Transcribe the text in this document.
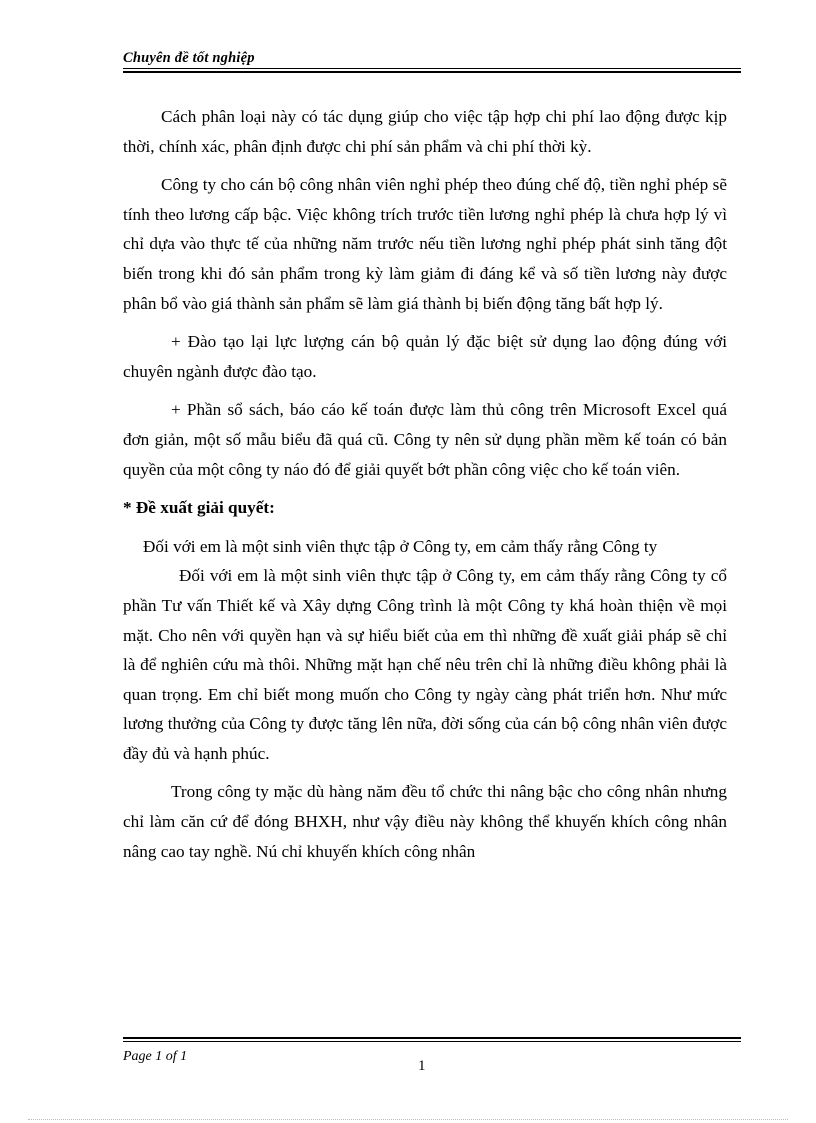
Chuyên đề tốt nghiệp

Cách phân loại này có tác dụng giúp cho việc tập hợp chi phí lao động được kịp thời, chính xác, phân định được chi phí sản phẩm và chi phí thời kỳ.

Công ty cho cán bộ công nhân viên nghỉ phép theo đúng chế độ, tiền nghỉ phép sẽ tính theo lương cấp bậc. Việc không trích trước tiền lương nghỉ phép là chưa hợp lý vì chỉ dựa vào thực tế của những năm trước nếu tiền lương nghỉ phép phát sinh tăng đột biến trong khi đó sản phẩm trong kỳ làm giảm đi đáng kể và số tiền lương này được phân bổ vào giá thành sản phẩm sẽ làm giá thành bị biến động tăng bất hợp lý.

+ Đào tạo lại lực lượng cán bộ quản lý đặc biệt sử dụng lao động đúng với chuyên ngành được đào tạo.

+ Phần sổ sách, báo cáo kế toán được làm thủ công trên Microsoft Excel quá đơn giản, một số mẫu biểu đã quá cũ. Công ty nên sử dụng phần mềm kế toán có bản quyền của một công ty náo đó để giải quyết bớt phần công việc cho kế toán viên.

* Đề xuất giải quyết:

Đối với em là một sinh viên thực tập ở Công ty, em cảm thấy rằng Công ty

Đối với em là một sinh viên thực tập ở Công ty, em cảm thấy rằng Công ty cổ phần Tư vấn Thiết kế và Xây dựng Công trình là một Công ty khá hoàn thiện về mọi mặt. Cho nên với quyền hạn và sự hiểu biết của em thì những đề xuất giải pháp sẽ chỉ là để nghiên cứu mà thôi. Những mặt hạn chế nêu trên chỉ là những điều không phải là quan trọng. Em chỉ biết mong muốn cho Công ty ngày càng phát triển hơn. Như mức lương thưởng của Công ty được tăng lên nữa, đời sống của cán bộ công nhân viên được đầy đủ và hạnh phúc.

Trong công ty mặc dù hàng năm đều tổ chức thi nâng bậc cho công nhân nhưng chỉ làm căn cứ để đóng BHXH, như vậy điều này không thể khuyến khích công nhân nâng cao tay nghề. Nú chỉ khuyến khích công nhân

Page 1 of 1
1
